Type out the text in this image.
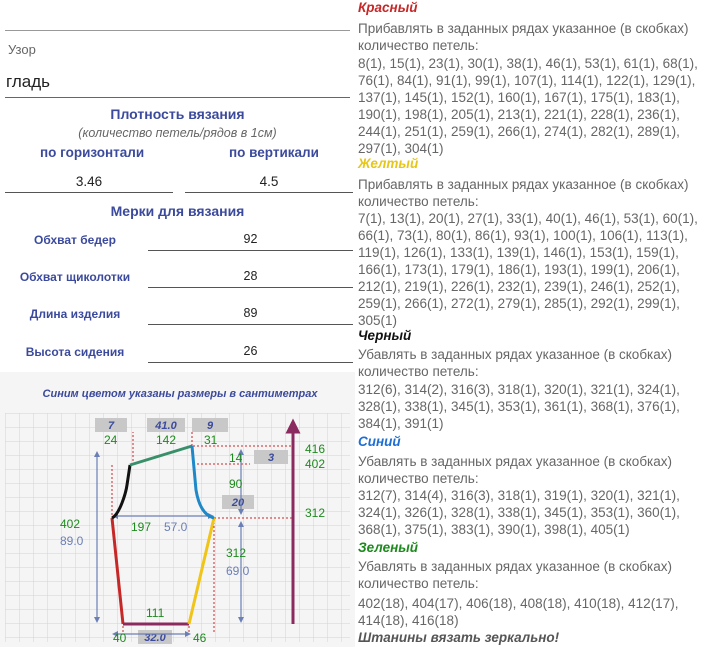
Узор
гладь
Плотность вязания
(количество петель/рядов в 1см)
по горизонтали	по вертикали
3.46	4.5
Мерки для вязания
Обхват бедер	92
Обхват щиколотки	28
Длина изделия	89
Высота сидения	26
Синим цветом указаны размеры в сантиметрах
7	41.0	9
3
20
32.0
24	142 31
416
402
14
90
312
402
89.0
197 57.0
312
69.0
111
40	46
Красный
Прибавлять в заданных рядах указанное (в скобках) количество петель:
8(1), 15(1), 23(1), 30(1), 38(1), 46(1), 53(1), 61(1), 68(1), 76(1), 84(1), 91(1), 99(1), 107(1), 114(1), 122(1), 129(1), 137(1), 145(1), 152(1), 160(1), 167(1), 175(1), 183(1), 190(1), 198(1), 205(1), 213(1), 221(1), 228(1), 236(1), 244(1), 251(1), 259(1), 266(1), 274(1), 282(1), 289(1), 297(1), 304(1)
Желтый
Прибавлять в заданных рядах указанное (в скобках) количество петель:
7(1), 13(1), 20(1), 27(1), 33(1), 40(1), 46(1), 53(1), 60(1), 66(1), 73(1), 80(1), 86(1), 93(1), 100(1), 106(1), 113(1), 119(1), 126(1), 133(1), 139(1), 146(1), 153(1), 159(1), 166(1), 173(1), 179(1), 186(1), 193(1), 199(1), 206(1), 212(1), 219(1), 226(1), 232(1), 239(1), 246(1), 252(1), 259(1), 266(1), 272(1), 279(1), 285(1), 292(1), 299(1), 305(1)
Черный
Убавлять в заданных рядах указанное (в скобках) количество петель:
312(6), 314(2), 316(3), 318(1), 320(1), 321(1), 324(1), 328(1), 338(1), 345(1), 353(1), 361(1), 368(1), 376(1), 384(1), 391(1)
Синий
Убавлять в заданных рядах указанное (в скобках) количество петель:
312(7), 314(4), 316(3), 318(1), 319(1), 320(1), 321(1), 324(1), 326(1), 328(1), 338(1), 345(1), 353(1), 360(1), 368(1), 375(1), 383(1), 390(1), 398(1), 405(1)
Зеленый
Убавлять в заданных рядах указанное (в скобках) количество петель:
402(18), 404(17), 406(18), 408(18), 410(18), 412(17), 414(18), 416(18)
Штанины вязать зеркально!
